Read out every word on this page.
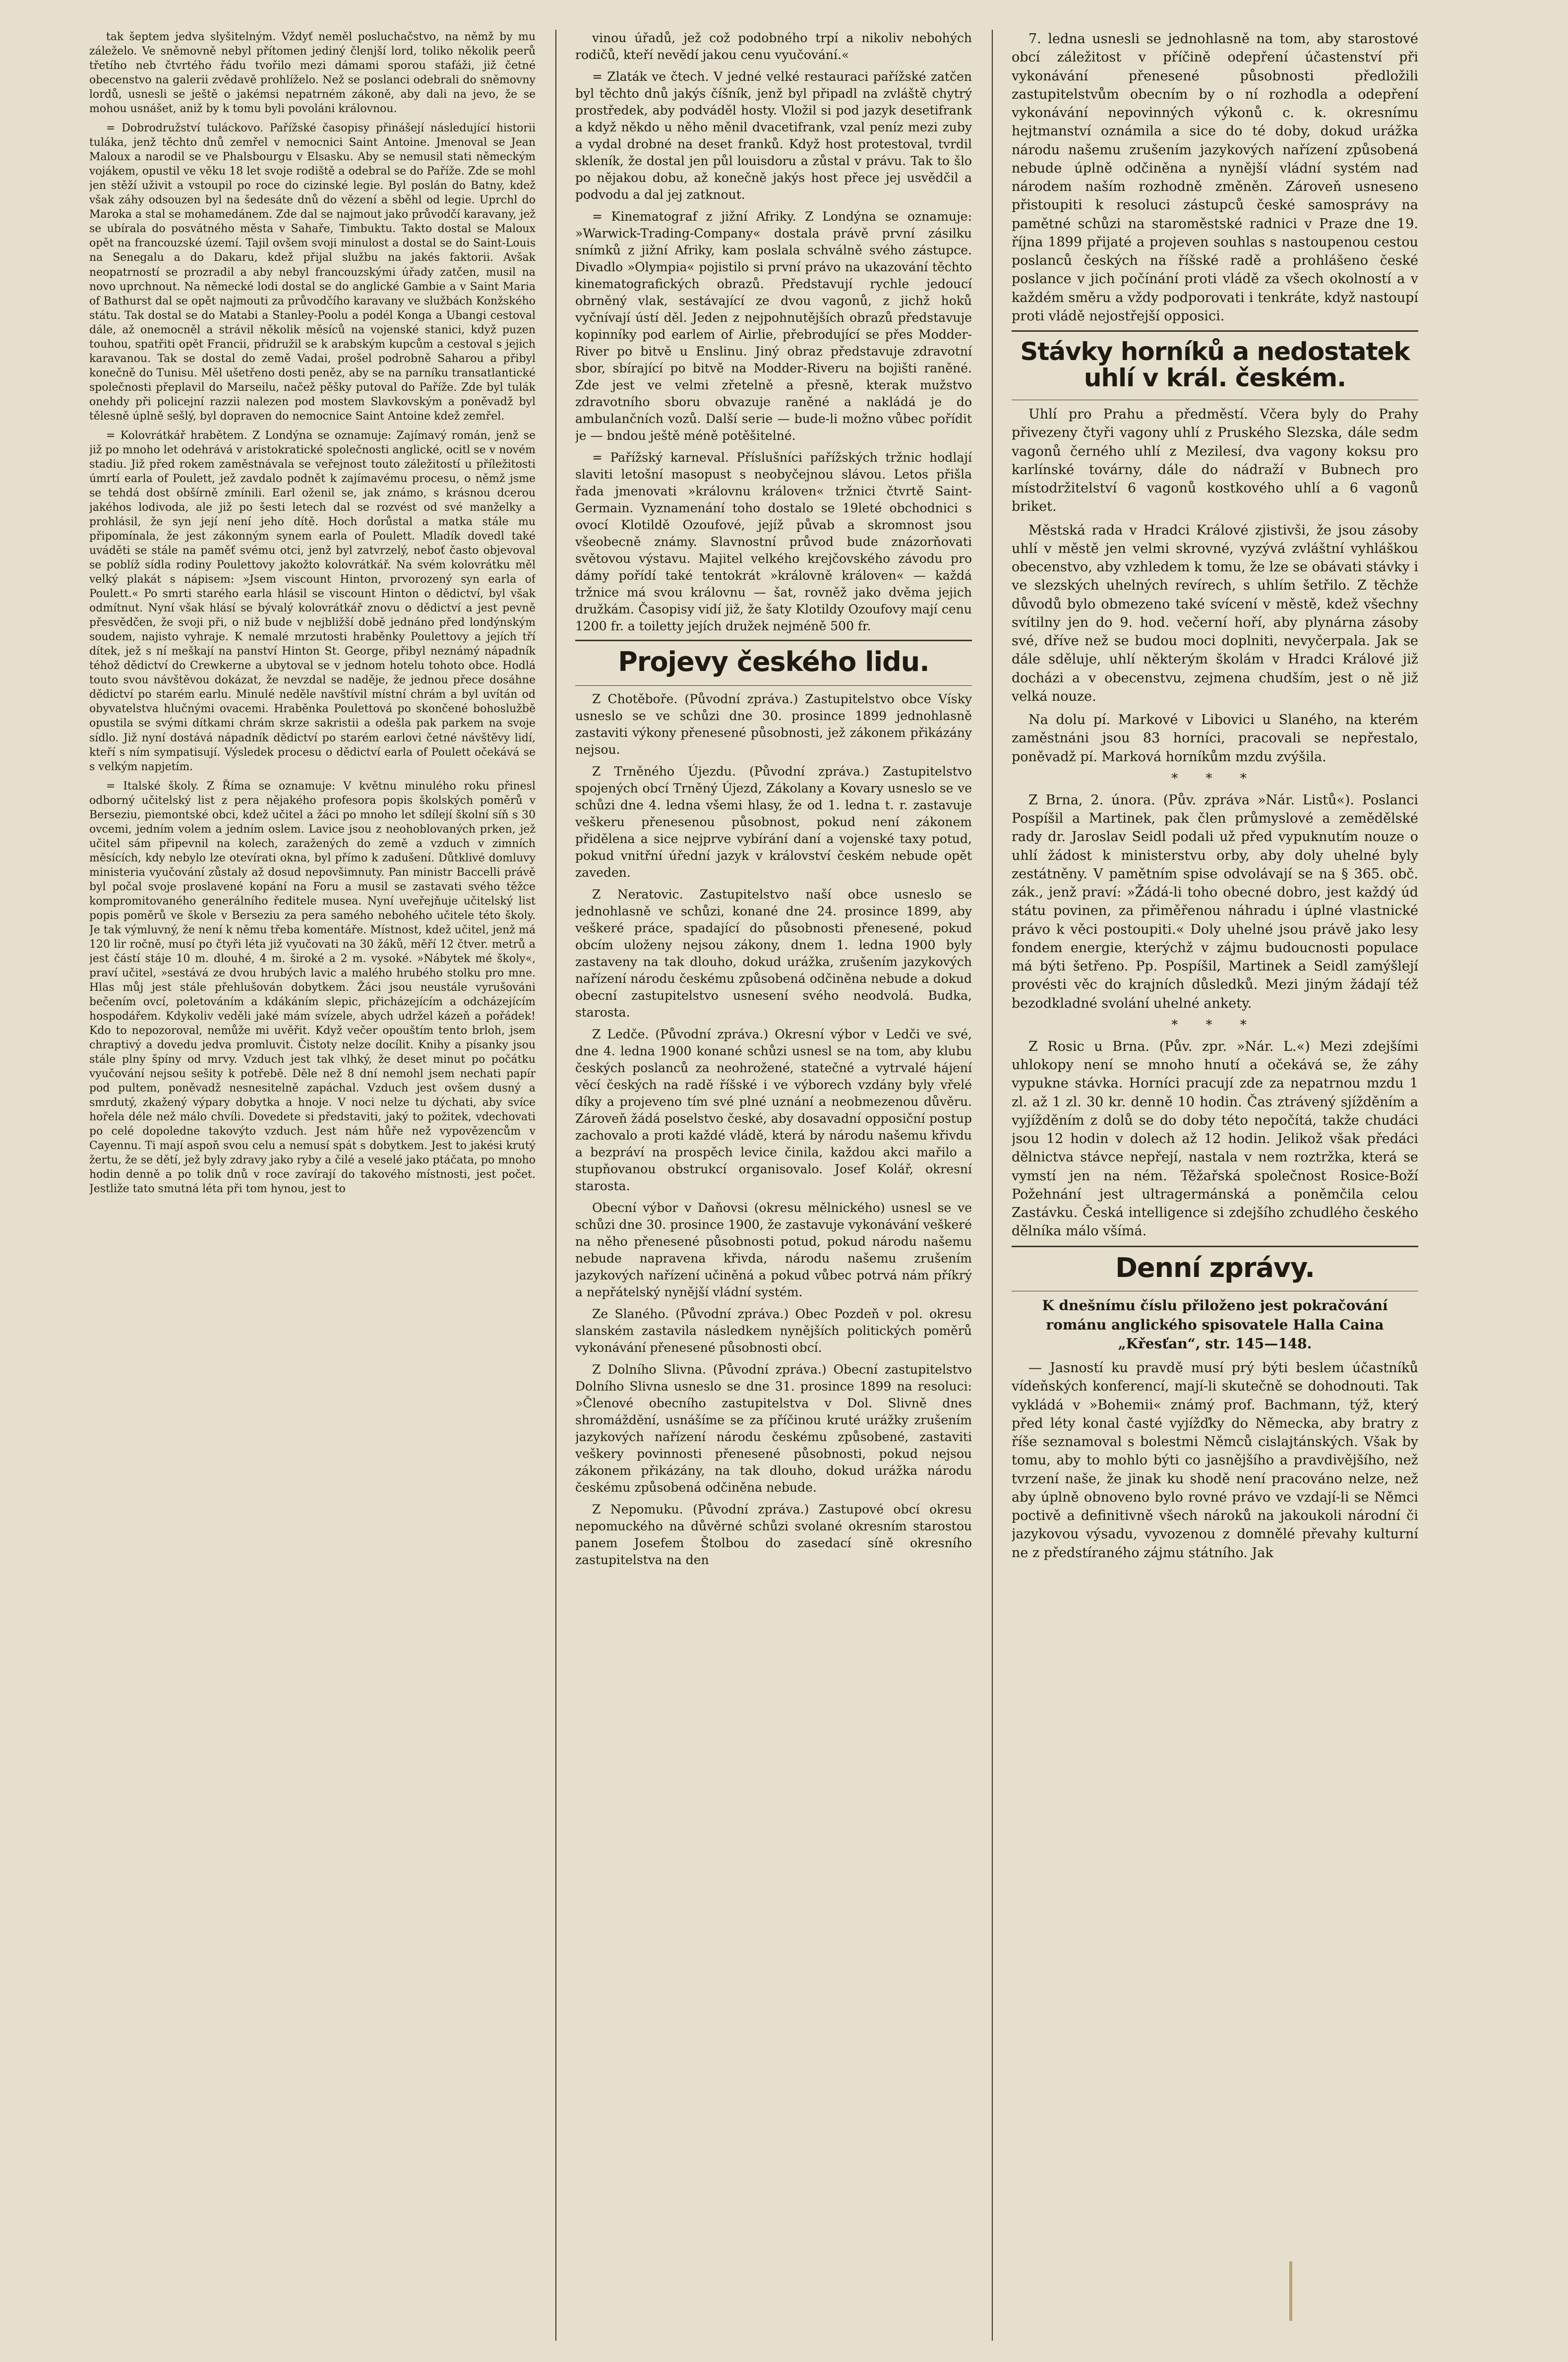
tak šeptem jedva slyšitelným. Vždyť neměl posluchačstvo, na němž by mu záleželo. Ve sněmovně nebyl přítomen jediný členjší lord, toliko několik peerů třetího neb čtvrtého řádu tvořilo mezi dámami sporou stafáži, již četné obecenstvo na galerii zvědavě prohlíželo. Než se poslanci odebrali do sněmovny lordů, usnesli se ještě o jakémsi nepatrném zákoně, aby dali na jevo, že se mohou usnášet, aniž by k tomu byli povoláni královnou.

= Dobrodružství tuláckovo. Pařížské časopisy přinášejí následující historii tuláka, jenž těchto dnů zemřel v nemocnici Saint Antoine. Jmenoval se Jean Maloux a narodil se ve Phalsbourgu v Elsasku. Aby se nemusil stati německým vojákem, opustil ve věku 18 let svoje rodiště a odebral se do Paříže. Zde se mohl jen stěží uživit a vstoupil po roce do cizinské legie. Byl poslán do Batny, kdež však záhy odsouzen byl na šedesáte dnů do vězení a sběhl od legie. Uprchl do Maroka a stal se mohamedánem. Zde dal se najmout jako průvodčí karavany, jež se ubírala do posvátného města v Sahaře, Timbuktu. Takto dostal se Maloux opět na francouzské území. Tajil ovšem svoji minulost a dostal se do Saint-Louis na Senegalu a do Dakaru, kdež přijal službu na jakés faktorii. Avšak neopatrností se prozradil a aby nebyl francouzskými úřady zatčen, musil na novo uprchnout. Na německé lodi dostal se do anglické Gambie a v Saint Maria of Bathurst dal se opět najmouti za průvodčího karavany ve službách Konžského státu. Tak dostal se do Matabi a Stanley-Poolu a podél Konga a Ubangi cestoval dále, až onemocněl a strávil několik měsíců na vojenské stanici, když puzen touhou, spatřiti opět Francii, přidružil se k arabským kupcům a cestoval s jejich karavanou. Tak se dostal do země Vadai, prošel podrobně Saharou a přibyl konečně do Tunisu. Měl ušetřeno dosti peněz, aby se na parníku transatlantické společnosti přeplavil do Marseilu, načež pěšky putoval do Paříže. Zde byl tulák onehdy při policejní razzii nalezen pod mostem Slavkovským a poněvadž byl tělesně úplně sešlý, byl dopraven do nemocnice Saint Antoine kdež zemřel.

= Kolovrátkář hrabětem. Z Londýna se oznamuje: Zajímavý román, jenž se již po mnoho let odehrává v aristokratické společnosti anglické, ocitl se v novém stadiu. Již před rokem zaměstnávala se veřejnost touto záležitostí u příležitosti úmrtí earla of Poulett, jež zavdalo podnět k zajímavému procesu, o němž jsme se tehdá dost obšírně zmínili. Earl oženil se, jak známo, s krásnou dcerou jakéhos lodivoda, ale již po šesti letech dal se rozvést od své manželky a prohlásil, že syn její není jeho dítě. Hoch dorůstal a matka stále mu připomínala, že jest zákonným synem earla of Poulett. Mladík dovedl také uváděti se stále na paměť svému otci, jenž byl zatvrzelý, neboť často objevoval se poblíž sídla rodiny Poulettovy jakožto kolovrátkář. Na svém kolovrátku měl velký plakát s nápisem: »Jsem viscount Hinton, prvorozený syn earla of Poulett.« Po smrti starého earla hlásil se viscount Hinton o dědictví, byl však odmítnut. Nyní však hlásí se bývalý kolovrátkář znovu o dědictví a jest pevně přesvědčen, že svoji při, o niž bude v nejbližší době jednáno před londýnským soudem, najisto vyhraje. K nemalé mrzutosti hraběnky Poulettovy a jejích tří dítek, jež s ní meškají na panství Hinton St. George, přibyl neznámý nápadník téhož dědictví do Crewkerne a ubytoval se v jednom hotelu tohoto obce. Hodlá touto svou návštěvou dokázat, že nevzdal se naděje, že jednou přece dosáhne dědictví po starém earlu. Minulé neděle navštívil místní chrám a byl uvítán od obyvatelstva hlučnými ovacemi. Hraběnka Poulettová po skončené bohoslužbě opustila se svými dítkami chrám skrze sakristii a odešla pak parkem na svoje sídlo. Již nyní dostává nápadník dědictví po starém earlovi četné návštěvy lidí, kteří s ním sympatisují. Výsledek procesu o dědictví earla of Poulett očekává se s velkým napjetím.

= Italské školy. Z Říma se oznamuje: V květnu minulého roku přinesl odborný učitelský list z pera nějakého profesora popis školských poměrů v Berseziu, piemontské obci, kdež učitel a žáci po mnoho let sdílejí školní síň s 30 ovcemi, jedním volem a jedním oslem. Lavice jsou z neohoblovaných prken, jež učitel sám připevnil na kolech, zaražených do země a vzduch v zimních měsících, kdy nebylo lze otevírati okna, byl přímo k zadušení. Důtklivé domluvy ministeria vyučování zůstaly až dosud nepovšimnuty. Pan ministr Baccelli právě byl počal svoje proslavené kopání na Foru a musil se zastavati svého těžce kompromitovaného generálního ředitele musea. Nyní uveřejňuje učitelský list popis poměrů ve škole v Berseziu za pera samého nebohého učitele této školy. Je tak výmluvný, že není k němu třeba komentáře. Místnost, kdež učitel, jenž má 120 lir ročně, musí po čtyři léta již vyučovati na 30 žáků, měří 12 čtver. metrů a jest částí stáje 10 m. dlouhé, 4 m. široké a 2 m. vysoké. »Nábytek mé školy«, praví učitel, »sestává ze dvou hrubých lavic a malého hrubého stolku pro mne. Hlas můj jest stále přehlušován dobytkem. Žáci jsou neustále vyrušováni bečením ovcí, poletováním a kdákáním slepic, přicházejícím a odcházejícím hospodářem. Kdykoliv veděli jaké mám svízele, abych udržel kázeň a pořádek! Kdo to nepozoroval, nemůže mi uvěřit. Když večer opouštím tento brloh, jsem chraptivý a dovedu jedva promluvit. Čistoty nelze docílit. Knihy a písanky jsou stále plny špíny od mrvy. Vzduch jest tak vlhký, že deset minut po počátku vyučování nejsou sešity k potřebě. Děle než 8 dní nemohl jsem nechati papír pod pultem, poněvadž nesnesitelně zapáchal. Vzduch jest ovšem dusný a smrdutý, zkažený výpary dobytka a hnoje. V noci nelze tu dýchati, aby svíce hořela déle než málo chvíli. Dovedete si představiti, jaký to požitek, vdechovati po celé dopoledne takovýto vzduch. Jest nám hůře než vypovězencům v Cayennu. Ti mají aspoň svou celu a nemusí spát s dobytkem. Jest to jakési krutý žertu, že se dětí, jež byly zdravy jako ryby a čilé a veselé jako ptáčata, po mnoho hodin denně a po tolik dnů v roce zavírají do takového místnosti, jest počet. Jestliže tato smutná léta při tom hynou, jest to

vinou úřadů, jež což podobného trpí a nikoliv nebohých rodičů, kteří nevědí jakou cenu vyučování.«

= Zlaták ve čtech. V jedné velké restauraci pařížské zatčen byl těchto dnů jakýs číšník, jenž byl připadl na zvláště chytrý prostředek, aby podváděl hosty. Vložil si pod jazyk desetifrank a když někdo u něho měnil dvacetifrank, vzal peníz mezi zuby a vydal drobné na deset franků. Když host protestoval, tvrdil skleník, že dostal jen půl louisdoru a zůstal v právu. Tak to šlo po nějakou dobu, až konečně jakýs host přece jej usvědčil a podvodu a dal jej zatknout.

= Kinematograf z jižní Afriky. Z Londýna se oznamuje: »Warwick-Trading-Company« dostala právě první zásilku snímků z jižní Afriky, kam poslala schválně svého zástupce. Divadlo »Olympia« pojistilo si první právo na ukazování těchto kinematografických obrazů. Představují rychle jedoucí obrněný vlak, sestávající ze dvou vagonů, z jichž hoků vyčnívají ústí děl. Jeden z nejpohnutějších obrazů představuje kopinníky pod earlem of Airlie, přebrodující se přes Modder-River po bitvě u Enslinu. Jiný obraz představuje zdravotní sbor, sbírající po bitvě na Modder-Riveru na bojišti raněné. Zde jest ve velmi zřetelně a přesně, kterak mužstvo zdravotního sboru obvazuje raněné a nakládá je do ambulančních vozů. Další serie — bude-li možno vůbec pořídit je — bndou ještě méně potěšitelné.

= Pařížský karneval. Příslušníci pařížských tržnic hodlají slaviti letošní masopust s neobyčejnou slávou. Letos přišla řada jmenovati »královnu královen« tržnici čtvrtě Saint-Germain. Vyznamenání toho dostalo se 19leté obchodnici s ovocí Klotildě Ozoufové, jejíž půvab a skromnost jsou všeobecně známy. Slavnostní průvod bude znázorňovati světovou výstavu. Majitel velkého krejčovského závodu pro dámy pořídí také tentokrát »královně královen« — každá tržnice má svou královnu — šat, rovněž jako dvěma jejich družkám. Časopisy vidí již, že šaty Klotildy Ozoufovy mají cenu 1200 fr. a toiletty jejích družek nejméně 500 fr.

Projevy českého lidu.

Z Chotěboře. (Původní zpráva.) Zastupitelstvo obce Vísky usneslo se ve schůzi dne 30. prosince 1899 jednohlasně zastaviti výkony přenesené působnosti, jež zákonem přikázány nejsou.

Z Trněného Újezdu. (Původní zpráva.) Zastupitelstvo spojených obcí Trněný Újezd, Zákolany a Kovary usneslo se ve schůzi dne 4. ledna všemi hlasy, že od 1. ledna t. r. zastavuje veškeru přenesenou působnost, pokud není zákonem přidělena a sice nejprve vybírání daní a vojenské taxy potud, pokud vnitřní úřední jazyk v království českém nebude opět zaveden.

Z Neratovic. Zastupitelstvo naší obce usneslo se jednohlasně ve schůzi, konané dne 24. prosince 1899, aby veškeré práce, spadající do působnosti přenesené, pokud obcím uloženy nejsou zákony, dnem 1. ledna 1900 byly zastaveny na tak dlouho, dokud urážka, zrušením jazykových nařízení národu českému způsobená odčiněna nebude a dokud obecní zastupitelstvo usnesení svého neodvolá. Budka, starosta.

Z Ledče. (Původní zpráva.) Okresní výbor v Ledči ve své, dne 4. ledna 1900 konané schůzi usnesl se na tom, aby klubu českých poslanců za neohrožené, statečné a vytrvalé hájení věcí českých na radě říšské i ve výborech vzdány byly vřelé díky a projeveno tím své plné uznání a neobmezenou důvěru. Zároveň žádá poselstvo české, aby dosavadní opposiční postup zachovalo a proti každé vládě, která by národu našemu křivdu a bezpráví na prospěch levice činila, každou akci mařilo a stupňovanou obstrukcí organisovalo. Josef Kolář, okresní starosta.

Obecní výbor v Daňovsi (okresu mělnického) usnesl se ve schůzi dne 30. prosince 1900, že zastavuje vykonávání veškeré na něho přenesené působnosti potud, pokud národu našemu nebude napravena křivda, národu našemu zrušením jazykových nařízení učiněná a pokud vůbec potrvá nám příkrý a nepřátelský nynější vládní systém.

Ze Slaného. (Původní zpráva.) Obec Pozdeň v pol. okresu slanském zastavila následkem nynějších politických poměrů vykonávání přenesené působnosti obcí.

Z Dolního Slivna. (Původní zpráva.) Obecní zastupitelstvo Dolního Slivna usneslo se dne 31. prosince 1899 na resoluci: »Členové obecního zastupitelstva v Dol. Slivně dnes shromáždění, usnášíme se za příčinou kruté urážky zrušením jazykových nařízení národu českému způsobené, zastaviti veškery povinnosti přenesené působnosti, pokud nejsou zákonem přikázány, na tak dlouho, dokud urážka národu českému způsobená odčiněna nebude.

Z Nepomuku. (Původní zpráva.) Zastupové obcí okresu nepomuckého na důvěrné schůzi svolané okresním starostou panem Josefem Štolbou do zasedací síně okresního zastupitelstva na den

7. ledna usnesli se jednohlasně na tom, aby starostové obcí záležitost v příčině odepření účastenství při vykonávání přenesené působnosti předložili zastupitelstvům obecním by o ní rozhodla a odepření vykonávání nepovinných výkonů c. k. okresnímu hejtmanství oznámila a sice do té doby, dokud urážka národu našemu zrušením jazykových nařízení způsobená nebude úplně odčiněna a nynější vládní systém nad národem naším rozhodně změněn. Zároveň usneseno přistoupiti k resoluci zástupců české samosprávy na pamětné schůzi na staroměstské radnici v Praze dne 19. října 1899 přijaté a projeven souhlas s nastoupenou cestou poslanců českých na říšské radě a prohlášeno české poslance v jich počínání proti vládě za všech okolností a v každém směru a vždy podporovati i tenkráte, když nastoupí proti vládě nejostřejší opposici.

Stávky horníků a nedostatek uhlí v král. českém.

Uhlí pro Prahu a předměstí. Včera byly do Prahy přivezeny čtyři vagony uhlí z Pruského Slezska, dále sedm vagonů černého uhlí z Mezilesí, dva vagony koksu pro karlínské továrny, dále do nádraží v Bubnech pro místodržitelství 6 vagonů kostkového uhlí a 6 vagonů briket.

Městská rada v Hradci Králové zjistivši, že jsou zásoby uhlí v městě jen velmi skrovné, vyzývá zvláštní vyhláškou obecenstvo, aby vzhledem k tomu, že lze se obávati stávky i ve slezských uhelných revírech, s uhlím šetřilo. Z těchže důvodů bylo obmezeno také svícení v městě, kdež všechny svítilny jen do 9. hod. večerní hoří, aby plynárna zásoby své, dříve než se budou moci doplniti, nevyčerpala. Jak se dále sděluje, uhlí některým školám v Hradci Králové již docházi a v obecenstvu, zejmena chudším, jest o ně již velká nouze.

Na dolu pí. Markové v Libovici u Slaného, na kterém zaměstnáni jsou 83 horníci, pracovali se nepřestalo, poněvadž pí. Marková horníkům mzdu zvýšila.

* * *

Z Brna, 2. února. (Pův. zpráva »Nár. Listů«). Poslanci Pospíšil a Martinek, pak člen průmyslové a zemědělské rady dr. Jaroslav Seidl podali už před vypuknutím nouze o uhlí žádost k ministerstvu orby, aby doly uhelné byly zestátněny. V pamětním spise odvolávají se na § 365. obč. zák., jenž praví: »Žádá-li toho obecné dobro, jest každý úd státu povinen, za přiměřenou náhradu i úplné vlastnické právo k věci postoupiti.« Doly uhelné jsou právě jako lesy fondem energie, kterýchž v zájmu budoucnosti populace má býti šetřeno. Pp. Pospíšil, Martinek a Seidl zamýšlejí provésti věc do krajních důsledků. Mezi jiným žádají též bezodkladné svolání uhelné ankety.

* * *

Z Rosic u Brna. (Pův. zpr. »Nár. L.«) Mezi zdejšími uhlokopy není se mnoho hnutí a očekává se, že záhy vypukne stávka. Horníci pracují zde za nepatrnou mzdu 1 zl. až 1 zl. 30 kr. denně 10 hodin. Čas ztrávený sjížděním a vyjížděním z dolů se do doby této nepočítá, takže chudáci jsou 12 hodin v dolech až 12 hodin. Jelikož však předáci dělnictva stávce nepřejí, nastala v nem roztržka, která se vymstí jen na ném. Těžařská společnost Rosice-Boží Požehnání jest ultragermánská a poněmčila celou Zastávku. Česká intelligence si zdejšího zchudlého českého dělníka málo všímá.

Denní zprávy.

K dnešnímu číslu přiloženo jest pokračování románu anglického spisovatele Halla Caina „Křesťan“, str. 145—148.

— Jasností ku pravdě musí prý býti beslem účastníků vídeňských konferencí, mají-li skutečně se dohodnouti. Tak vykládá v »Bohemii« známý prof. Bachmann, týž, který před léty konal časté vyjížďky do Německa, aby bratry z říše seznamoval s bolestmi Němců cislajtánských. Však by tomu, aby to mohlo býti co jasnějšího a pravdivějšího, než tvrzení naše, že jinak ku shodě není pracováno nelze, než aby úplně obnoveno bylo rovné právo ve vzdají-li se Němci poctivě a definitivně všech nároků na jakoukoli národní či jazykovou výsadu, vyvozenou z domnělé převahy kulturní ne z předstíraného zájmu státního. Jak
